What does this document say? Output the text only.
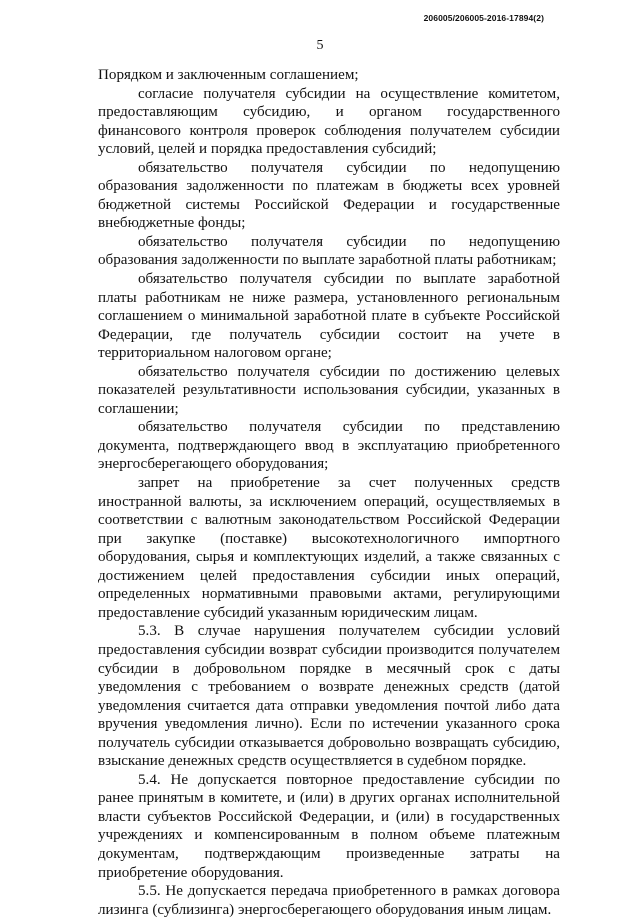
206005/206005-2016-17894(2)
5

Порядком и заключенным соглашением;

согласие получателя субсидии на осуществление комитетом, предоставляющим субсидию, и органом государственного финансового контроля проверок соблюдения получателем субсидии условий, целей и порядка предоставления субсидий;

обязательство получателя субсидии по недопущению образования задолженности по платежам в бюджеты всех уровней бюджетной системы Российской Федерации и государственные внебюджетные фонды;

обязательство получателя субсидии по недопущению образования задолженности по выплате заработной платы работникам;

обязательство получателя субсидии по выплате заработной платы работникам не ниже размера, установленного региональным соглашением о минимальной заработной плате в субъекте Российской Федерации, где получатель субсидии состоит на учете в территориальном налоговом органе;

обязательство получателя субсидии по достижению целевых показателей результативности использования субсидии, указанных в соглашении;

обязательство получателя субсидии по представлению документа, подтверждающего ввод в эксплуатацию приобретенного энергосберегающего оборудования;

запрет на приобретение за счет полученных средств иностранной валюты, за исключением операций, осуществляемых в соответствии с валютным законодательством Российской Федерации при закупке (поставке) высокотехнологичного импортного оборудования, сырья и комплектующих изделий, а также связанных с достижением целей предоставления субсидии иных операций, определенных нормативными правовыми актами, регулирующими предоставление субсидий указанным юридическим лицам.

5.3. В случае нарушения получателем субсидии условий предоставления субсидии возврат субсидии производится получателем субсидии в добровольном порядке в месячный срок с даты уведомления с требованием о возврате денежных средств (датой уведомления считается дата отправки уведомления почтой либо дата вручения уведомления лично). Если по истечении указанного срока получатель субсидии отказывается добровольно возвращать субсидию, взыскание денежных средств осуществляется в судебном порядке.

5.4. Не допускается повторное предоставление субсидии по ранее принятым в комитете, и (или) в других органах исполнительной власти субъектов Российской Федерации, и (или) в государственных учреждениях и компенсированным в полном объеме платежным документам, подтверждающим произведенные затраты на приобретение оборудования.

5.5. Не допускается передача приобретенного в рамках договора лизинга (сублизинга) энергосберегающего оборудования иным лицам.
